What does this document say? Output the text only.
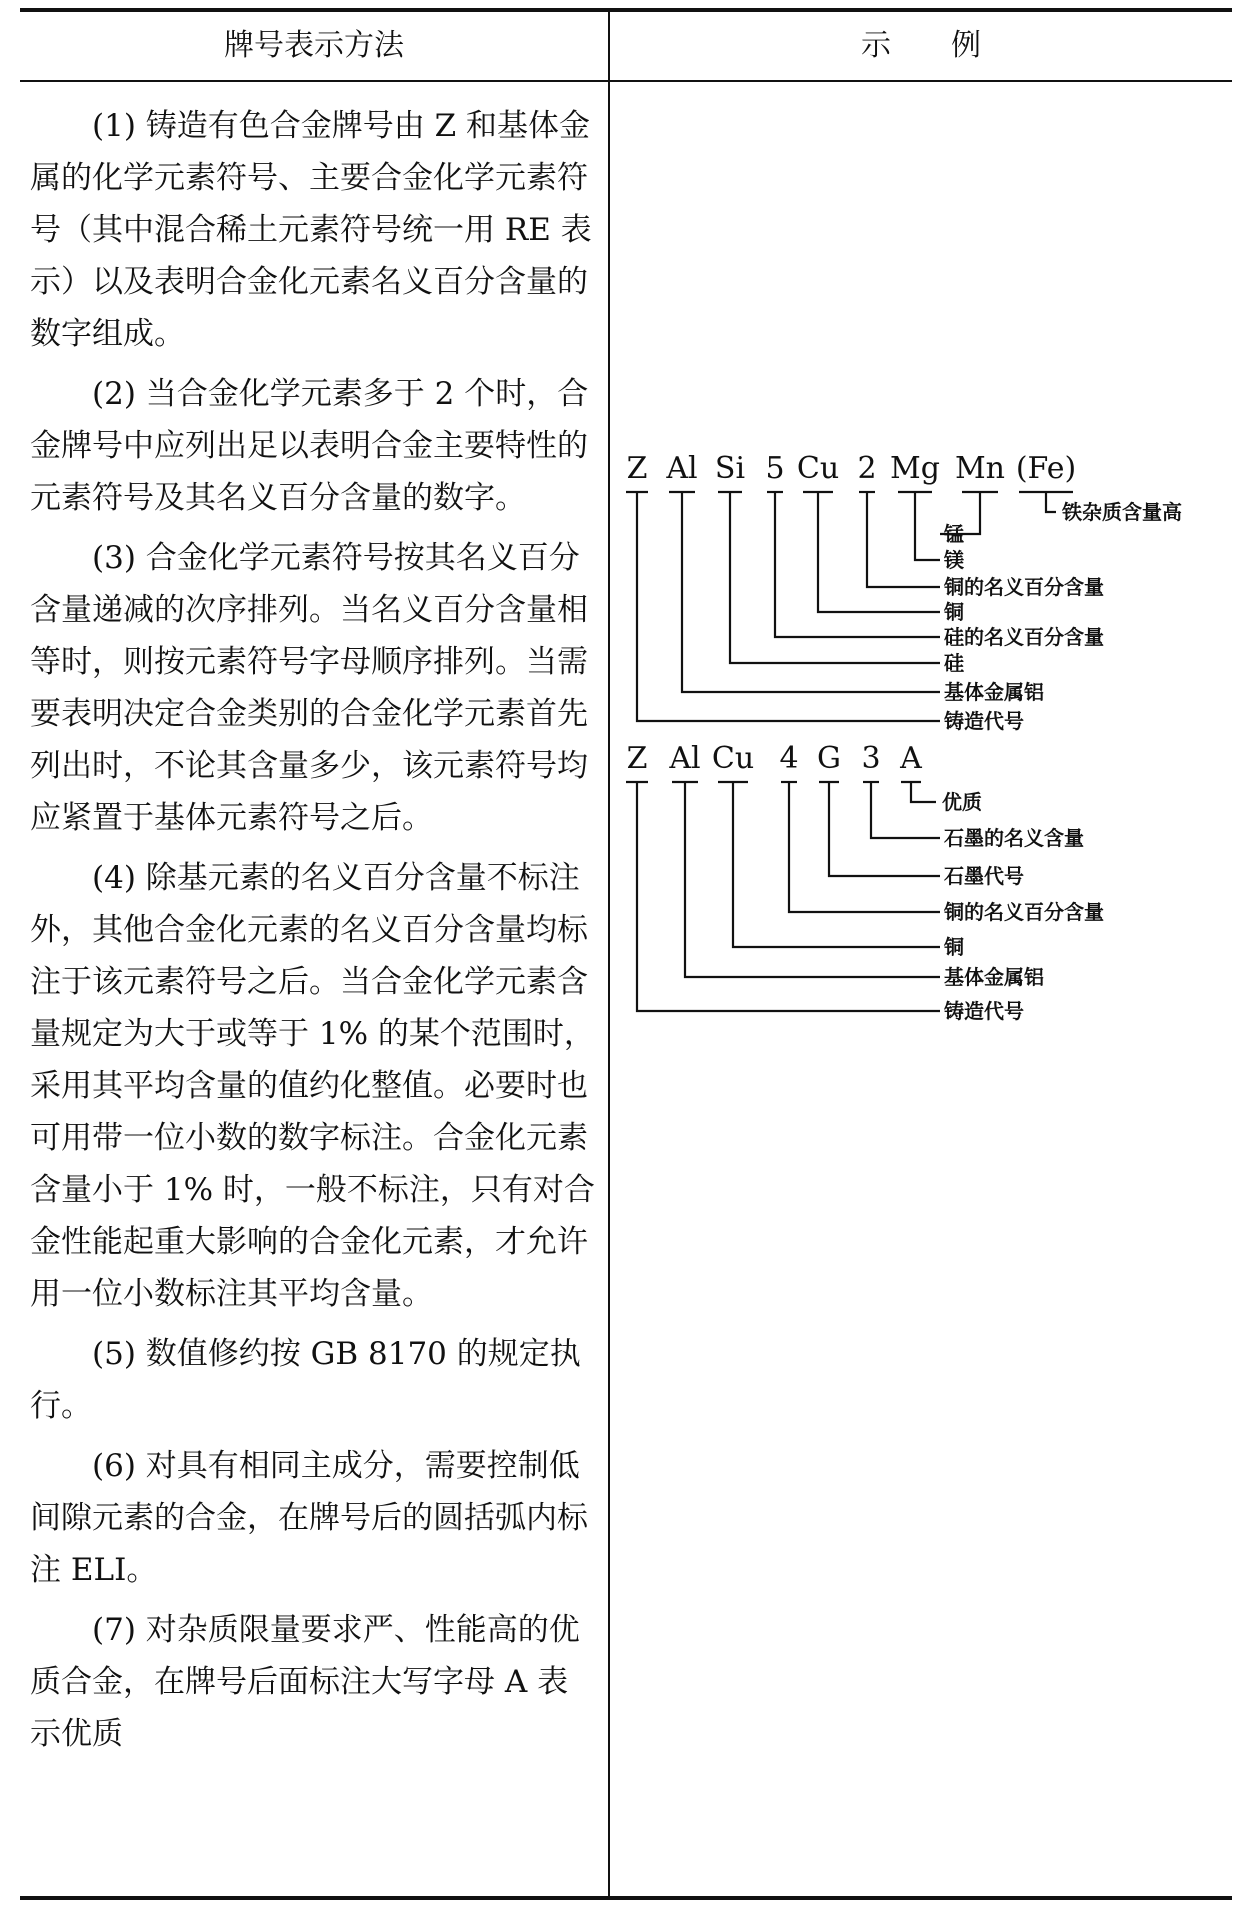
牌号表示方法	示　　例

(1) 铸造有色合金牌号由 Z 和基体金属的化学元素符号、主要合金化学元素符号（其中混合稀土元素符号统一用 RE 表示）以及表明合金化元素名义百分含量的数字组成。

(2) 当合金化学元素多于 2 个时，合金牌号中应列出足以表明合金主要特性的元素符号及其名义百分含量的数字。

(3) 合金化学元素符号按其名义百分含量递减的次序排列。当名义百分含量相等时，则按元素符号字母顺序排列。当需要表明决定合金类别的合金化学元素首先列出时，不论其含量多少，该元素符号均应紧置于基体元素符号之后。

(4) 除基元素的名义百分含量不标注外，其他合金化元素的名义百分含量均标注于该元素符号之后。当合金化学元素含量规定为大于或等于 1% 的某个范围时，采用其平均含量的值约化整值。必要时也可用带一位小数的数字标注。合金化元素含量小于 1% 时，一般不标注，只有对合金性能起重大影响的合金化元素，才允许用一位小数标注其平均含量。

(5) 数值修约按 GB 8170 的规定执行。

(6) 对具有相同主成分，需要控制低间隙元素的合金，在牌号后的圆括弧内标注 ELI。

(7) 对杂质限量要求严、性能高的优质合金，在牌号后面标注大写字母 A 表示优质

Z Al Si 5 Cu 2 Mg Mn (Fe)
铁杂质含量高
锰
镁
铜的名义百分含量
铜
硅的名义百分含量
硅
基体金属铝
铸造代号
Z Al Cu 4 G 3 A
优质
石墨的名义含量
石墨代号
铜的名义百分含量
铜
基体金属铝
铸造代号
